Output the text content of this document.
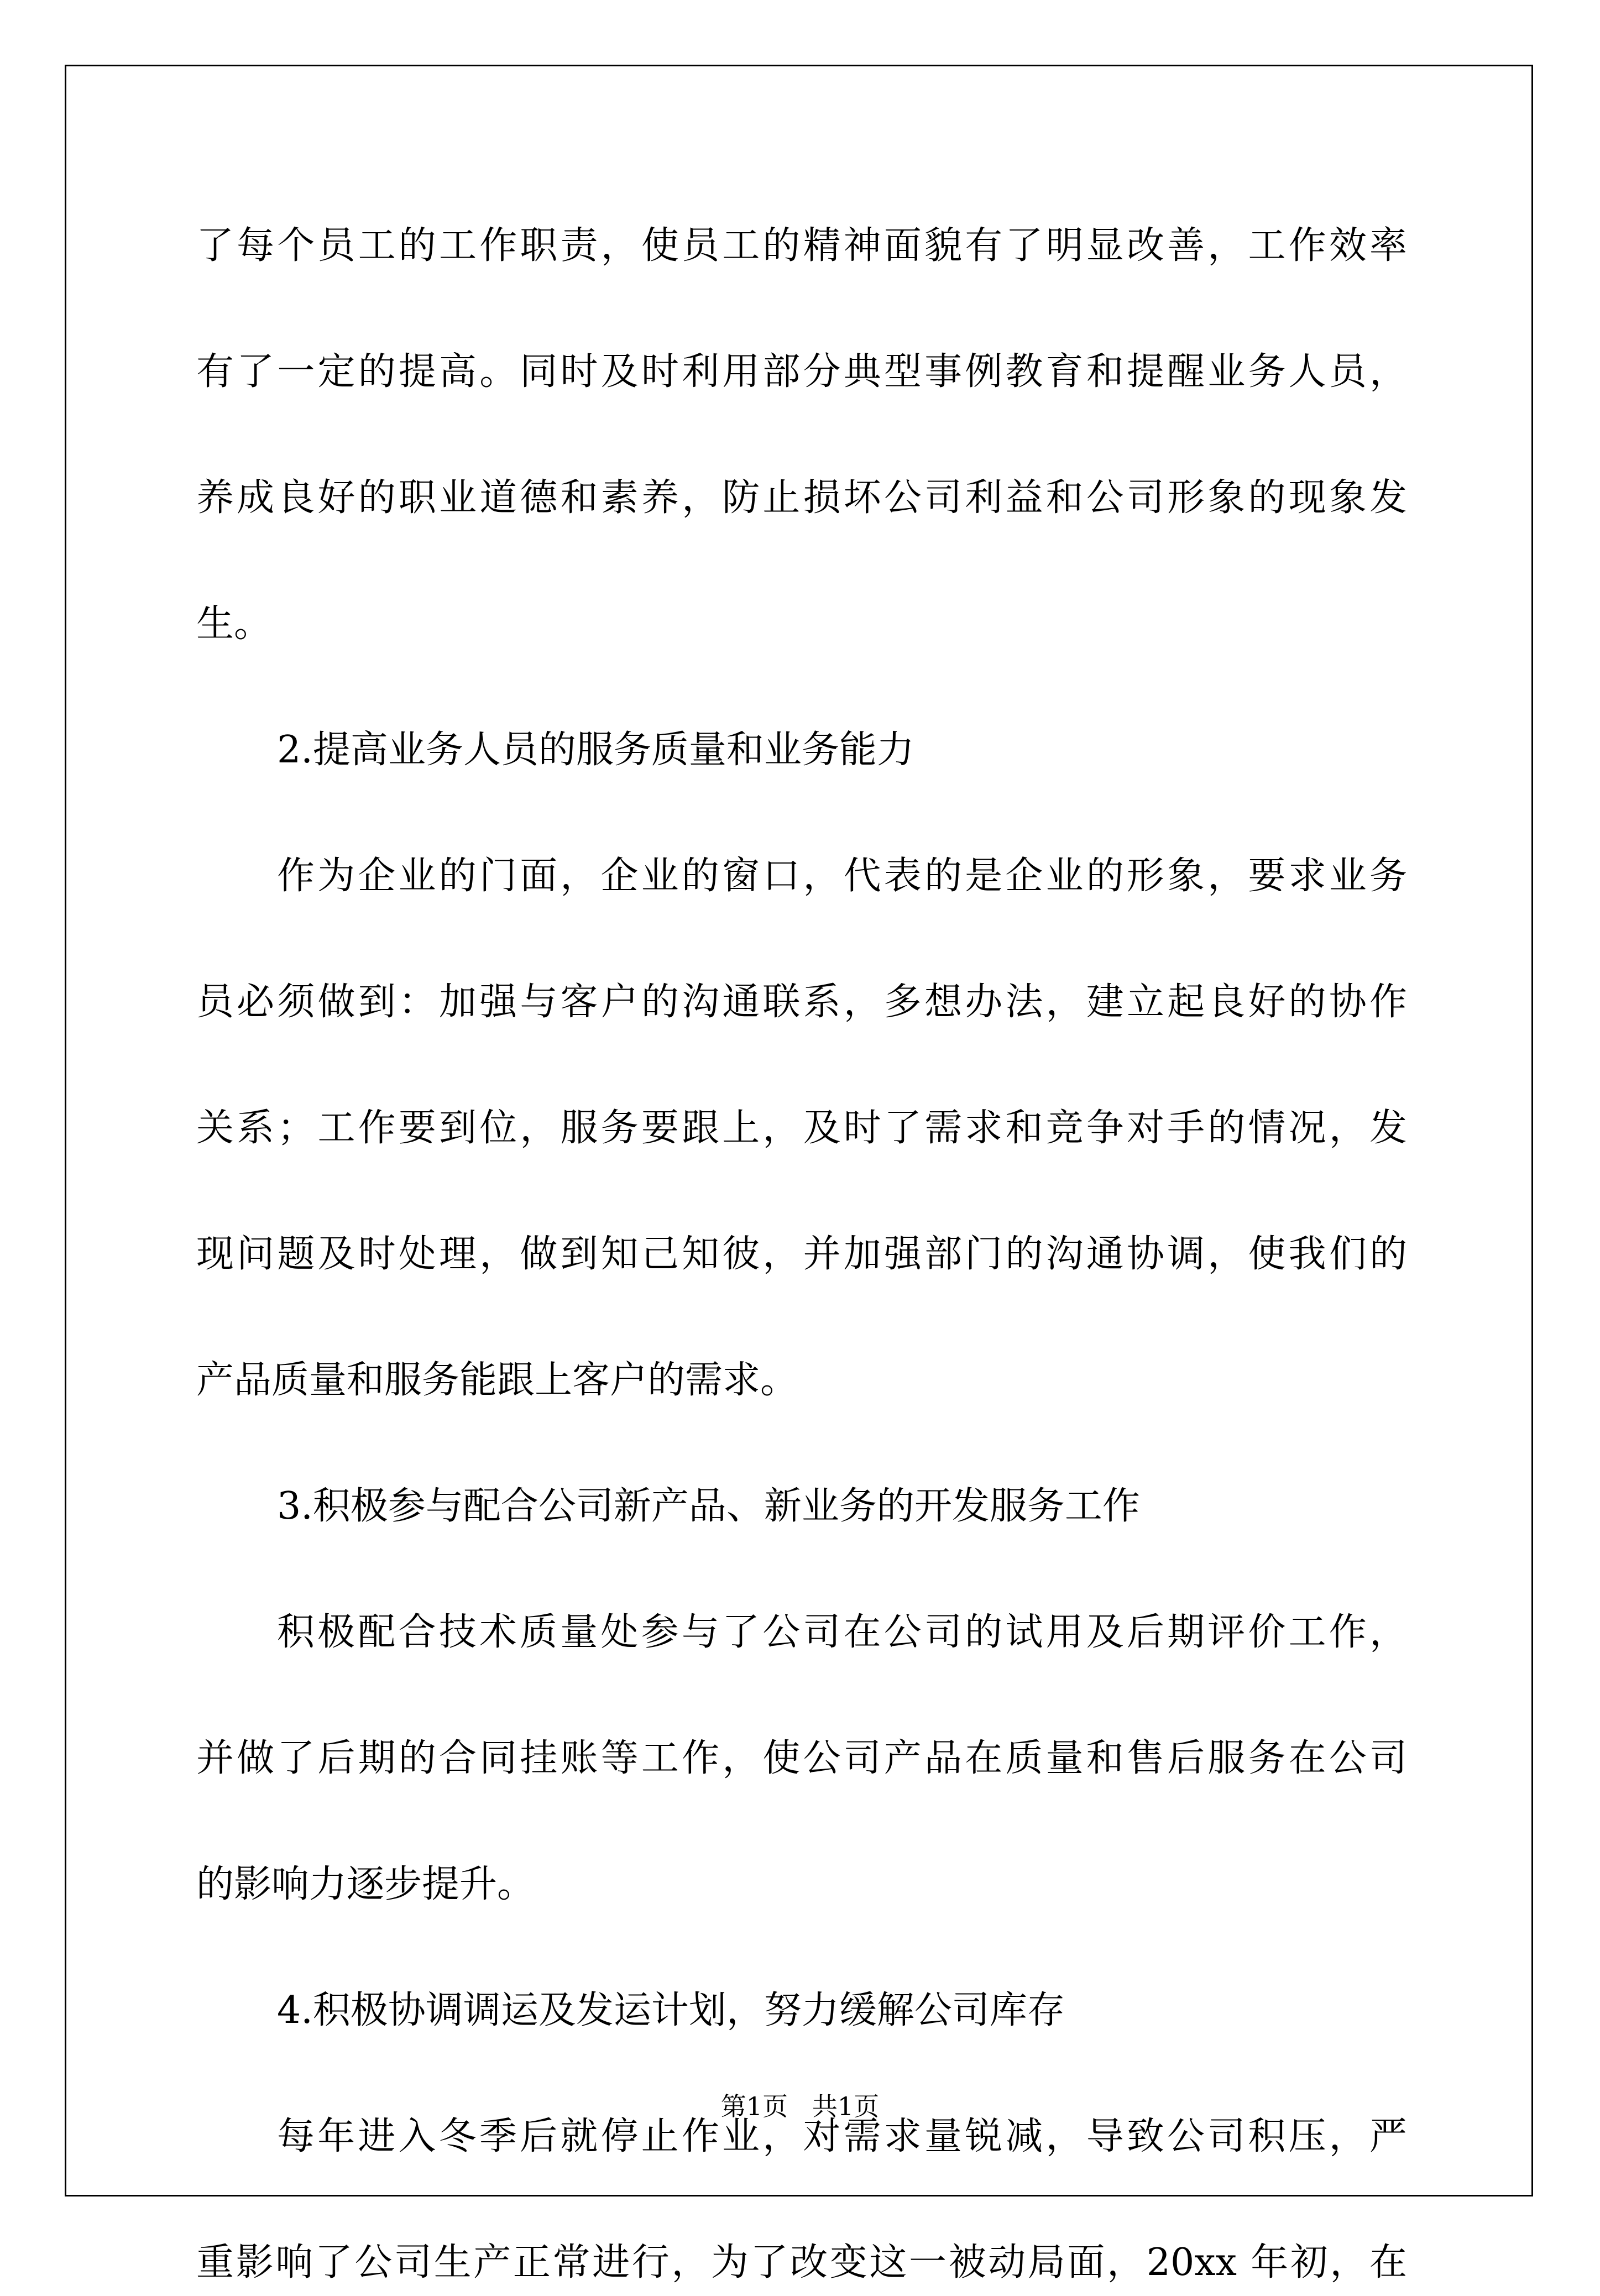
了每个员工的工作职责，使员工的精神面貌有了明显改善，工作效率
有了一定的提高。同时及时利用部分典型事例教育和提醒业务人员，
养成良好的职业道德和素养，防止损坏公司利益和公司形象的现象发
生。
2.提高业务人员的服务质量和业务能力
作为企业的门面，企业的窗口，代表的是企业的形象，要求业务
员必须做到：加强与客户的沟通联系，多想办法，建立起良好的协作
关系；工作要到位，服务要跟上，及时了需求和竞争对手的情况，发
现问题及时处理，做到知己知彼，并加强部门的沟通协调，使我们的
产品质量和服务能跟上客户的需求。
3.积极参与配合公司新产品、新业务的开发服务工作
积极配合技术质量处参与了公司在公司的试用及后期评价工作，
并做了后期的合同挂账等工作，使公司产品在质量和售后服务在公司
的影响力逐步提升。
4.积极协调调运及发运计划，努力缓解公司库存
每年进入冬季后就停止作业，对需求量锐减，导致公司积压，严
重影响了公司生产正常进行，为了改变这一被动局面，20xx 年初，在
第1页   共1页
